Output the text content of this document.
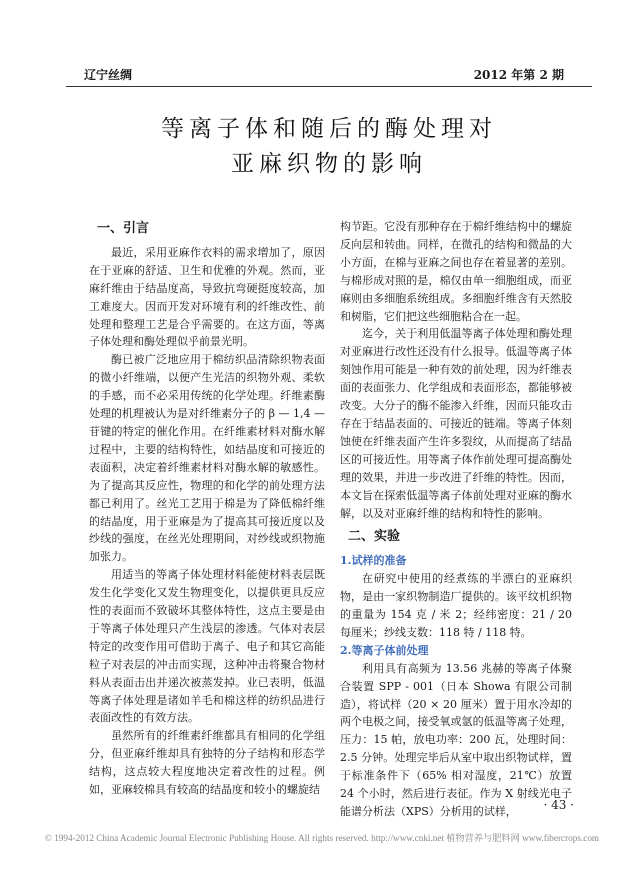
辽宁丝绸	2012 年第 2 期
等离子体和随后的酶处理对
亚麻织物的影响

一、引言

最近，采用亚麻作衣料的需求增加了，原因在于亚麻的舒适、卫生和优雅的外观。然而，亚麻纤维由于结晶度高，导致抗弯硬挺度较高，加工难度大。因而开发对环境有利的纤维改性、前处理和整理工艺是合乎需要的。在这方面，等离子体处理和酶处理似乎前景光明。

酶已被广泛地应用于棉纺织品清除织物表面的微小纤维端，以便产生光洁的织物外观、柔软的手感，而不必采用传统的化学处理。纤维素酶处理的机理被认为是对纤维素分子的 β — 1,4 — 苷键的特定的催化作用。在纤维素材料对酶水解过程中，主要的结构特性，如结晶度和可接近的表面积，决定着纤维素材料对酶水解的敏感性。为了提高其反应性，物理的和化学的前处理方法都已利用了。丝光工艺用于棉是为了降低棉纤维的结晶度，用于亚麻是为了提高其可接近度以及纱线的强度，在丝光处理期间，对纱线或织物施加张力。

用适当的等离子体处理材料能使材料表层既发生化学变化又发生物理变化，以提供更具反应性的表面而不致破坏其整体特性，这点主要是由于等离子体处理只产生浅层的渗透。气体对表层特定的改变作用可借助于离子、电子和其它高能粒子对表层的冲击而实现，这种冲击将聚合物材料从表面击出并递次被蒸发掉。业已表明，低温等离子体处理是诸如羊毛和棉这样的纺织品进行表面改性的有效方法。

虽然所有的纤维素纤维都具有相同的化学组分，但亚麻纤维却具有独特的分子结构和形态学结构，这点较大程度地决定着改性的过程。例如，亚麻较棉具有较高的结晶度和较小的螺旋结

构节距。它没有那种存在于棉纤维结构中的螺旋反向层和转曲。同样，在微孔的结构和微晶的大小方面，在棉与亚麻之间也存在着显著的差别。与棉形成对照的是，棉仅由单一细胞组成，而亚麻则由多细胞系统组成。多细胞纤维含有天然胶和树脂，它们把这些细胞粘合在一起。

迄今，关于利用低温等离子体处理和酶处理对亚麻进行改性还没有什么报导。低温等离子体刻蚀作用可能是一种有效的前处理，因为纤维表面的表面张力、化学组成和表面形态，都能够被改变。大分子的酶不能渗入纤维，因而只能攻击存在于结晶表面的、可接近的链端。等离子体刻蚀使在纤维表面产生许多裂纹，从而提高了结晶区的可接近性。用等离子体作前处理可提高酶处理的效果，并进一步改进了纤维的特性。因而，本文旨在探索低温等离子体前处理对亚麻的酶水解，以及对亚麻纤维的结构和特性的影响。

二、实验

1.试样的准备

在研究中使用的经煮练的半漂白的亚麻织物，是由一家织物制造厂提供的。该平纹机织物的重量为 154 克 / 米 2；经纬密度：21 / 20 每厘米；纱线支数：118 特 / 118 特。

2.等离子体前处理

利用具有高频为 13.56 兆赫的等离子体聚合装置 SPP - 001（日本 Showa 有限公司制造），将试样（20 × 20 厘米）置于用水冷却的两个电极之间，接受氧或氩的低温等离子处理，压力：15 帕，放电功率：200 瓦，处理时间：2.5 分钟。处理完毕后从室中取出织物试样，置于标准条件下（65% 相对湿度，21℃）放置 24 个小时，然后进行表征。作为 X 射线光电子能谱分析法（XPS）分析用的试样，	· 43 ·
© 1994-2012 China Academic Journal Electronic Publishing House. All rights reserved. http://www.cnki.net 植物营养与肥料网 www.fibercrops.com
